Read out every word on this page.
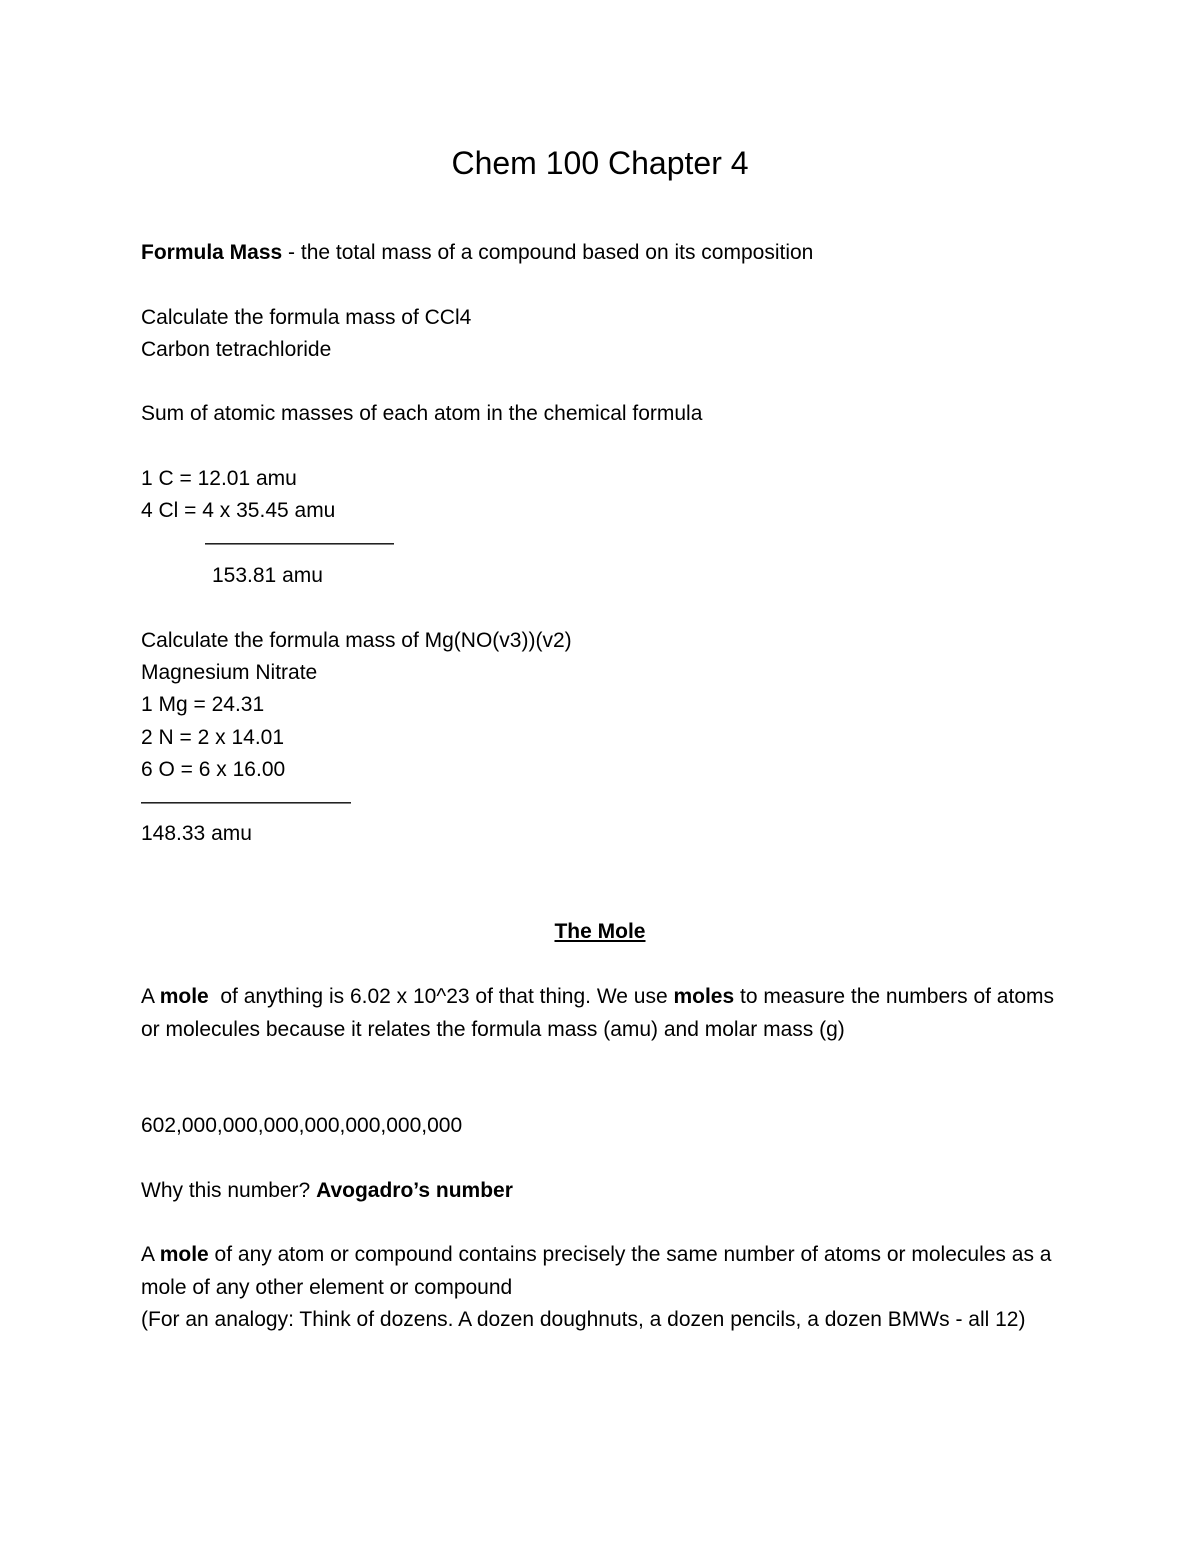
Chem 100 Chapter 4
Formula Mass - the total mass of a compound based on its composition
Calculate the formula mass of CCl4
Carbon tetrachloride
Sum of atomic masses of each atom in the chemical formula
1 C = 12.01 amu
4 Cl = 4 x 35.45 amu
—————————
153.81 amu
Calculate the formula mass of Mg(NO(v3))(v2)
Magnesium Nitrate
1 Mg = 24.31
2 N = 2 x 14.01
6 O = 6 x 16.00
——————————
148.33 amu
The Mole
A mole  of anything is 6.02 x 10^23 of that thing. We use moles to measure the numbers of atoms or molecules because it relates the formula mass (amu) and molar mass (g)
602,000,000,000,000,000,000,000
Why this number? Avogadro’s number
A mole of any atom or compound contains precisely the same number of atoms or molecules as a mole of any other element or compound
(For an analogy: Think of dozens. A dozen doughnuts, a dozen pencils, a dozen BMWs - all 12)
